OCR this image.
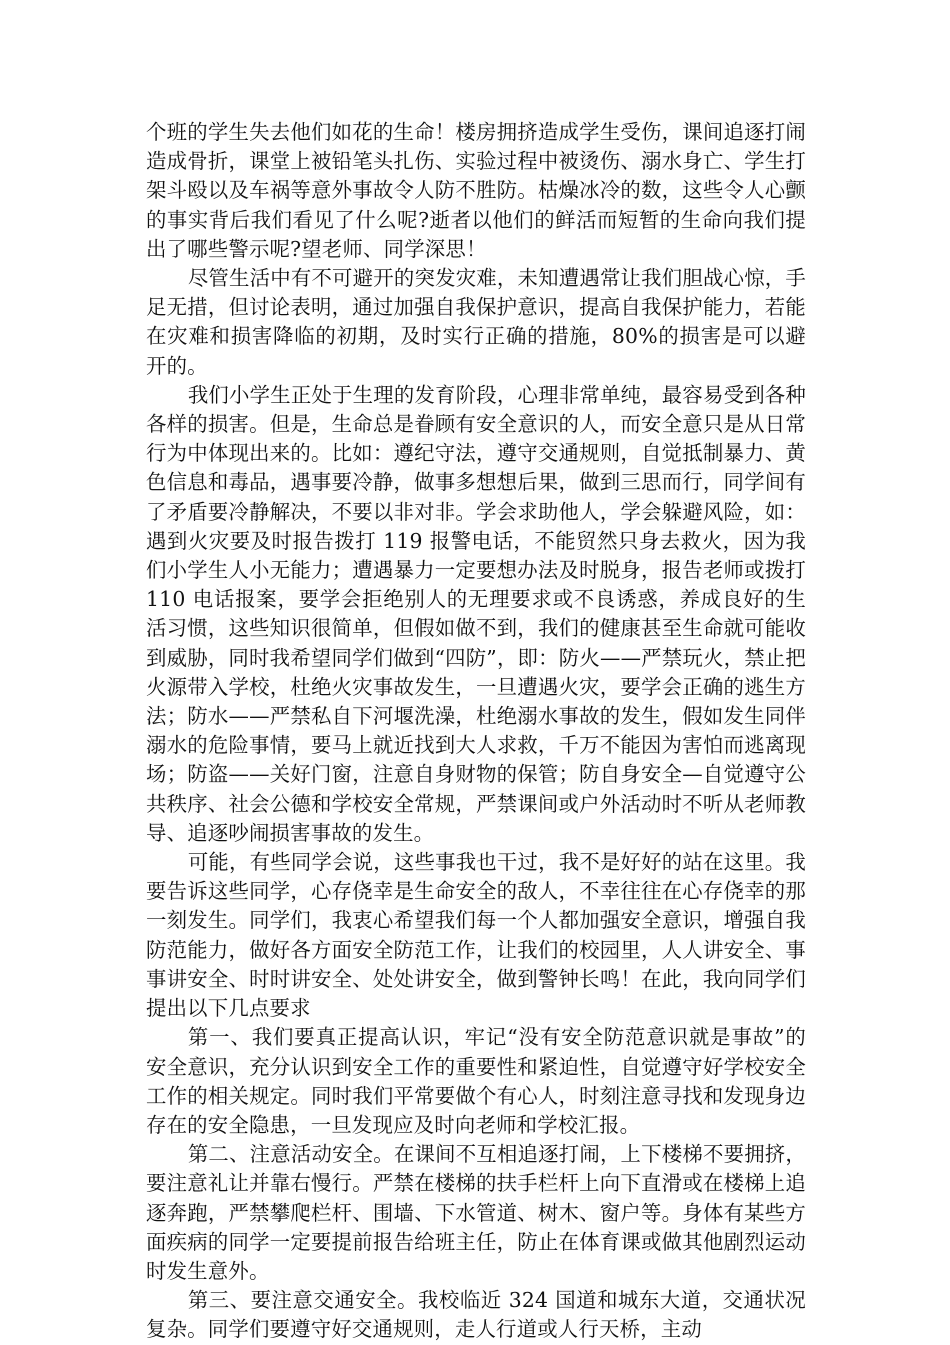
个班的学生失去他们如花的生命！楼房拥挤造成学生受伤，课间追逐打闹造成骨折，课堂上被铅笔头扎伤、实验过程中被烫伤、溺水身亡、学生打架斗殴以及车祸等意外事故令人防不胜防。枯燥冰冷的数，这些令人心颤的事实背后我们看见了什么呢?逝者以他们的鲜活而短暂的生命向我们提出了哪些警示呢?望老师、同学深思！

尽管生活中有不可避开的突发灾难，未知遭遇常让我们胆战心惊，手足无措，但讨论表明，通过加强自我保护意识，提高自我保护能力，若能在灾难和损害降临的初期，及时实行正确的措施，80%的损害是可以避开的。

我们小学生正处于生理的发育阶段，心理非常单纯，最容易受到各种各样的损害。但是，生命总是眷顾有安全意识的人，而安全意只是从日常行为中体现出来的。比如：遵纪守法，遵守交通规则，自觉抵制暴力、黄色信息和毒品，遇事要冷静，做事多想想后果，做到三思而行，同学间有了矛盾要冷静解决，不要以非对非。学会求助他人，学会躲避风险，如：遇到火灾要及时报告拨打 119 报警电话，不能贸然只身去救火，因为我们小学生人小无能力；遭遇暴力一定要想办法及时脱身，报告老师或拨打 110 电话报案，要学会拒绝别人的无理要求或不良诱惑，养成良好的生活习惯，这些知识很简单，但假如做不到，我们的健康甚至生命就可能收到威胁，同时我希望同学们做到“四防”，即：防火——严禁玩火，禁止把火源带入学校，杜绝火灾事故发生，一旦遭遇火灾，要学会正确的逃生方法；防水——严禁私自下河堰洗澡，杜绝溺水事故的发生，假如发生同伴溺水的危险事情，要马上就近找到大人求救，千万不能因为害怕而逃离现场；防盗——关好门窗，注意自身财物的保管；防自身安全—自觉遵守公共秩序、社会公德和学校安全常规，严禁课间或户外活动时不听从老师教导、追逐吵闹损害事故的发生。

可能，有些同学会说，这些事我也干过，我不是好好的站在这里。我要告诉这些同学，心存侥幸是生命安全的敌人，不幸往往在心存侥幸的那一刻发生。同学们，我衷心希望我们每一个人都加强安全意识，增强自我防范能力，做好各方面安全防范工作，让我们的校园里，人人讲安全、事事讲安全、时时讲安全、处处讲安全，做到警钟长鸣！在此，我向同学们提出以下几点要求

第一、我们要真正提高认识，牢记“没有安全防范意识就是事故”的安全意识，充分认识到安全工作的重要性和紧迫性，自觉遵守好学校安全工作的相关规定。同时我们平常要做个有心人，时刻注意寻找和发现身边存在的安全隐患，一旦发现应及时向老师和学校汇报。

第二、注意活动安全。在课间不互相追逐打闹，上下楼梯不要拥挤，要注意礼让并靠右慢行。严禁在楼梯的扶手栏杆上向下直滑或在楼梯上追逐奔跑，严禁攀爬栏杆、围墙、下水管道、树木、窗户等。身体有某些方面疾病的同学一定要提前报告给班主任，防止在体育课或做其他剧烈运动时发生意外。

第三、要注意交通安全。我校临近 324 国道和城东大道，交通状况复杂。同学们要遵守好交通规则，走人行道或人行天桥，主动
